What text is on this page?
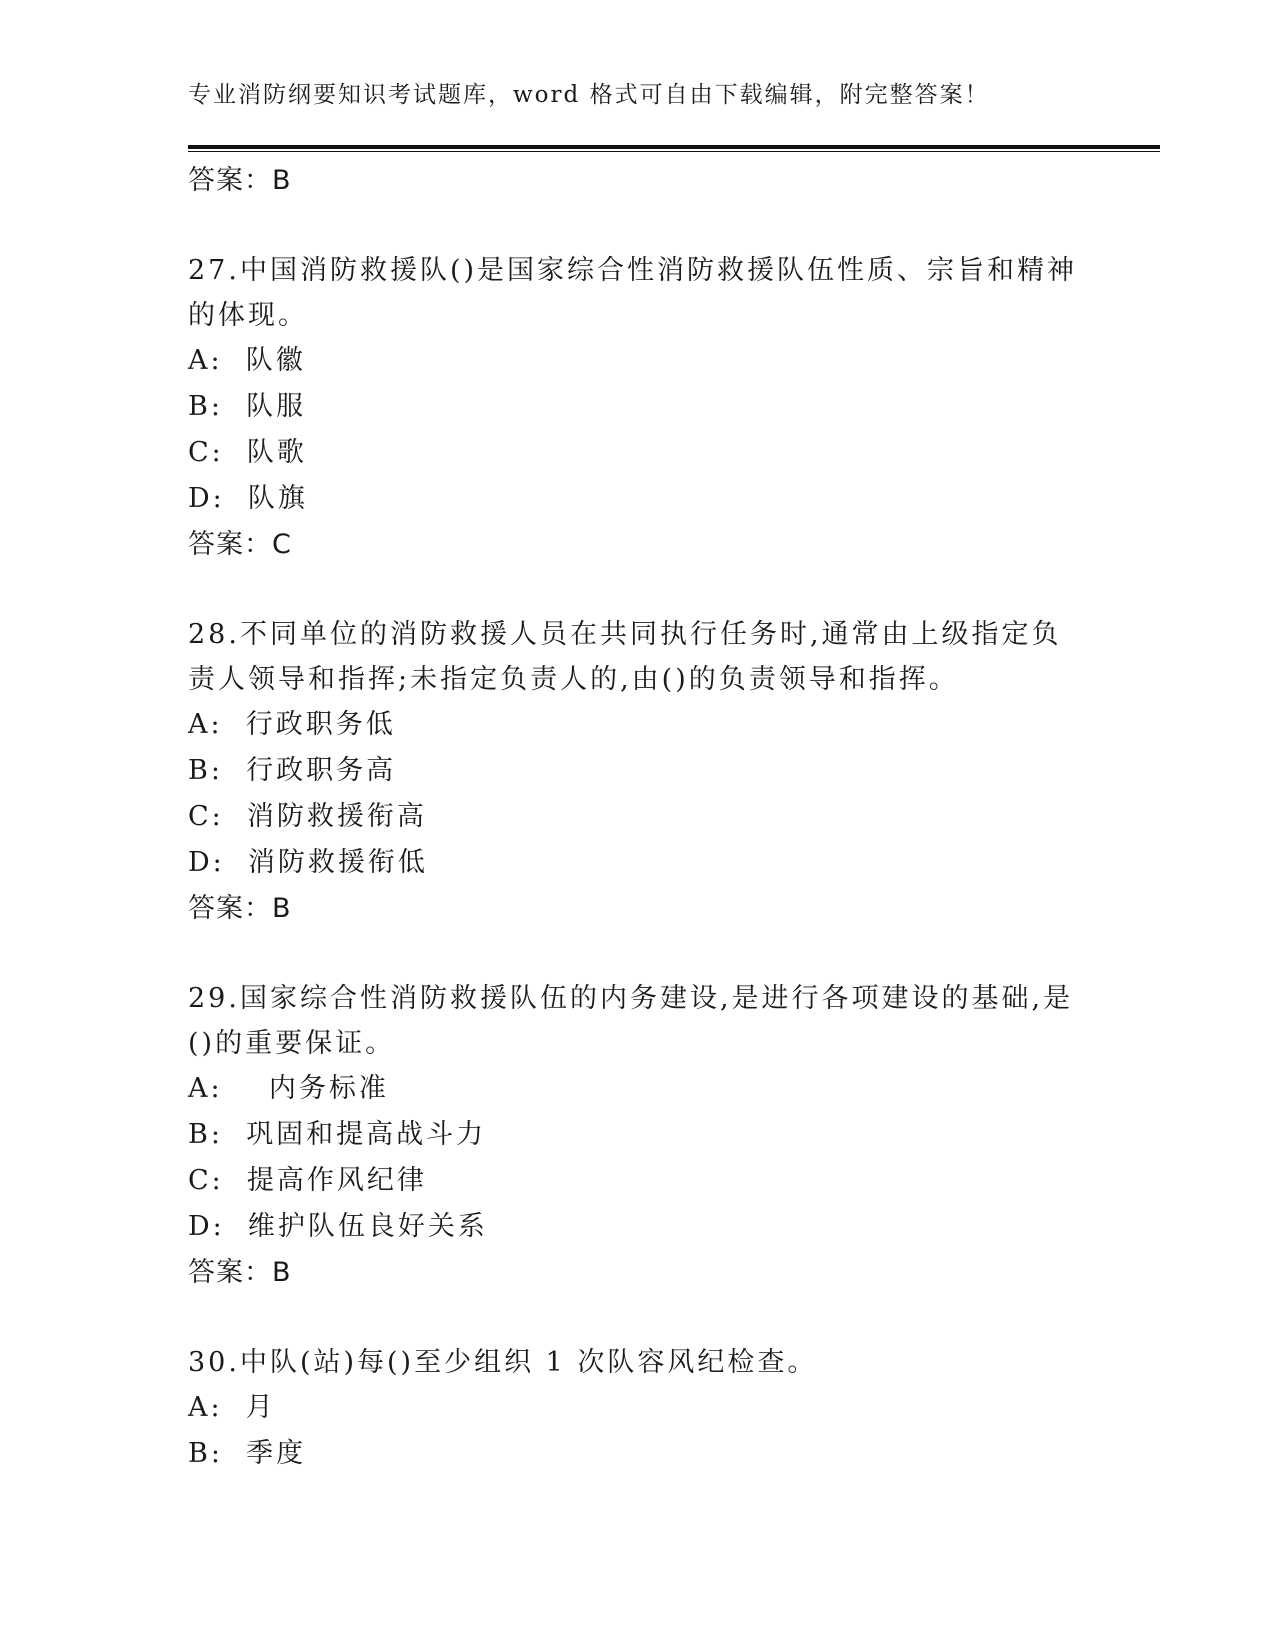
专业消防纲要知识考试题库，word 格式可自由下载编辑，附完整答案！
答案：B
27.中国消防救援队()是国家综合性消防救援队伍性质、宗旨和精神的体现。
A:  队徽
B:  队服
C:  队歌
D:  队旗
答案：C
28.不同单位的消防救援人员在共同执行任务时,通常由上级指定负责人领导和指挥;未指定负责人的,由()的负责领导和指挥。
A:  行政职务低
B:  行政职务高
C:  消防救援衔高
D:  消防救援衔低
答案：B
29.国家综合性消防救援队伍的内务建设,是进行各项建设的基础,是()的重要保证。
A:    内务标准
B:  巩固和提高战斗力
C:  提高作风纪律
D:  维护队伍良好关系
答案：B
30.中队(站)每()至少组织 1 次队容风纪检查。
A:  月
B:  季度
